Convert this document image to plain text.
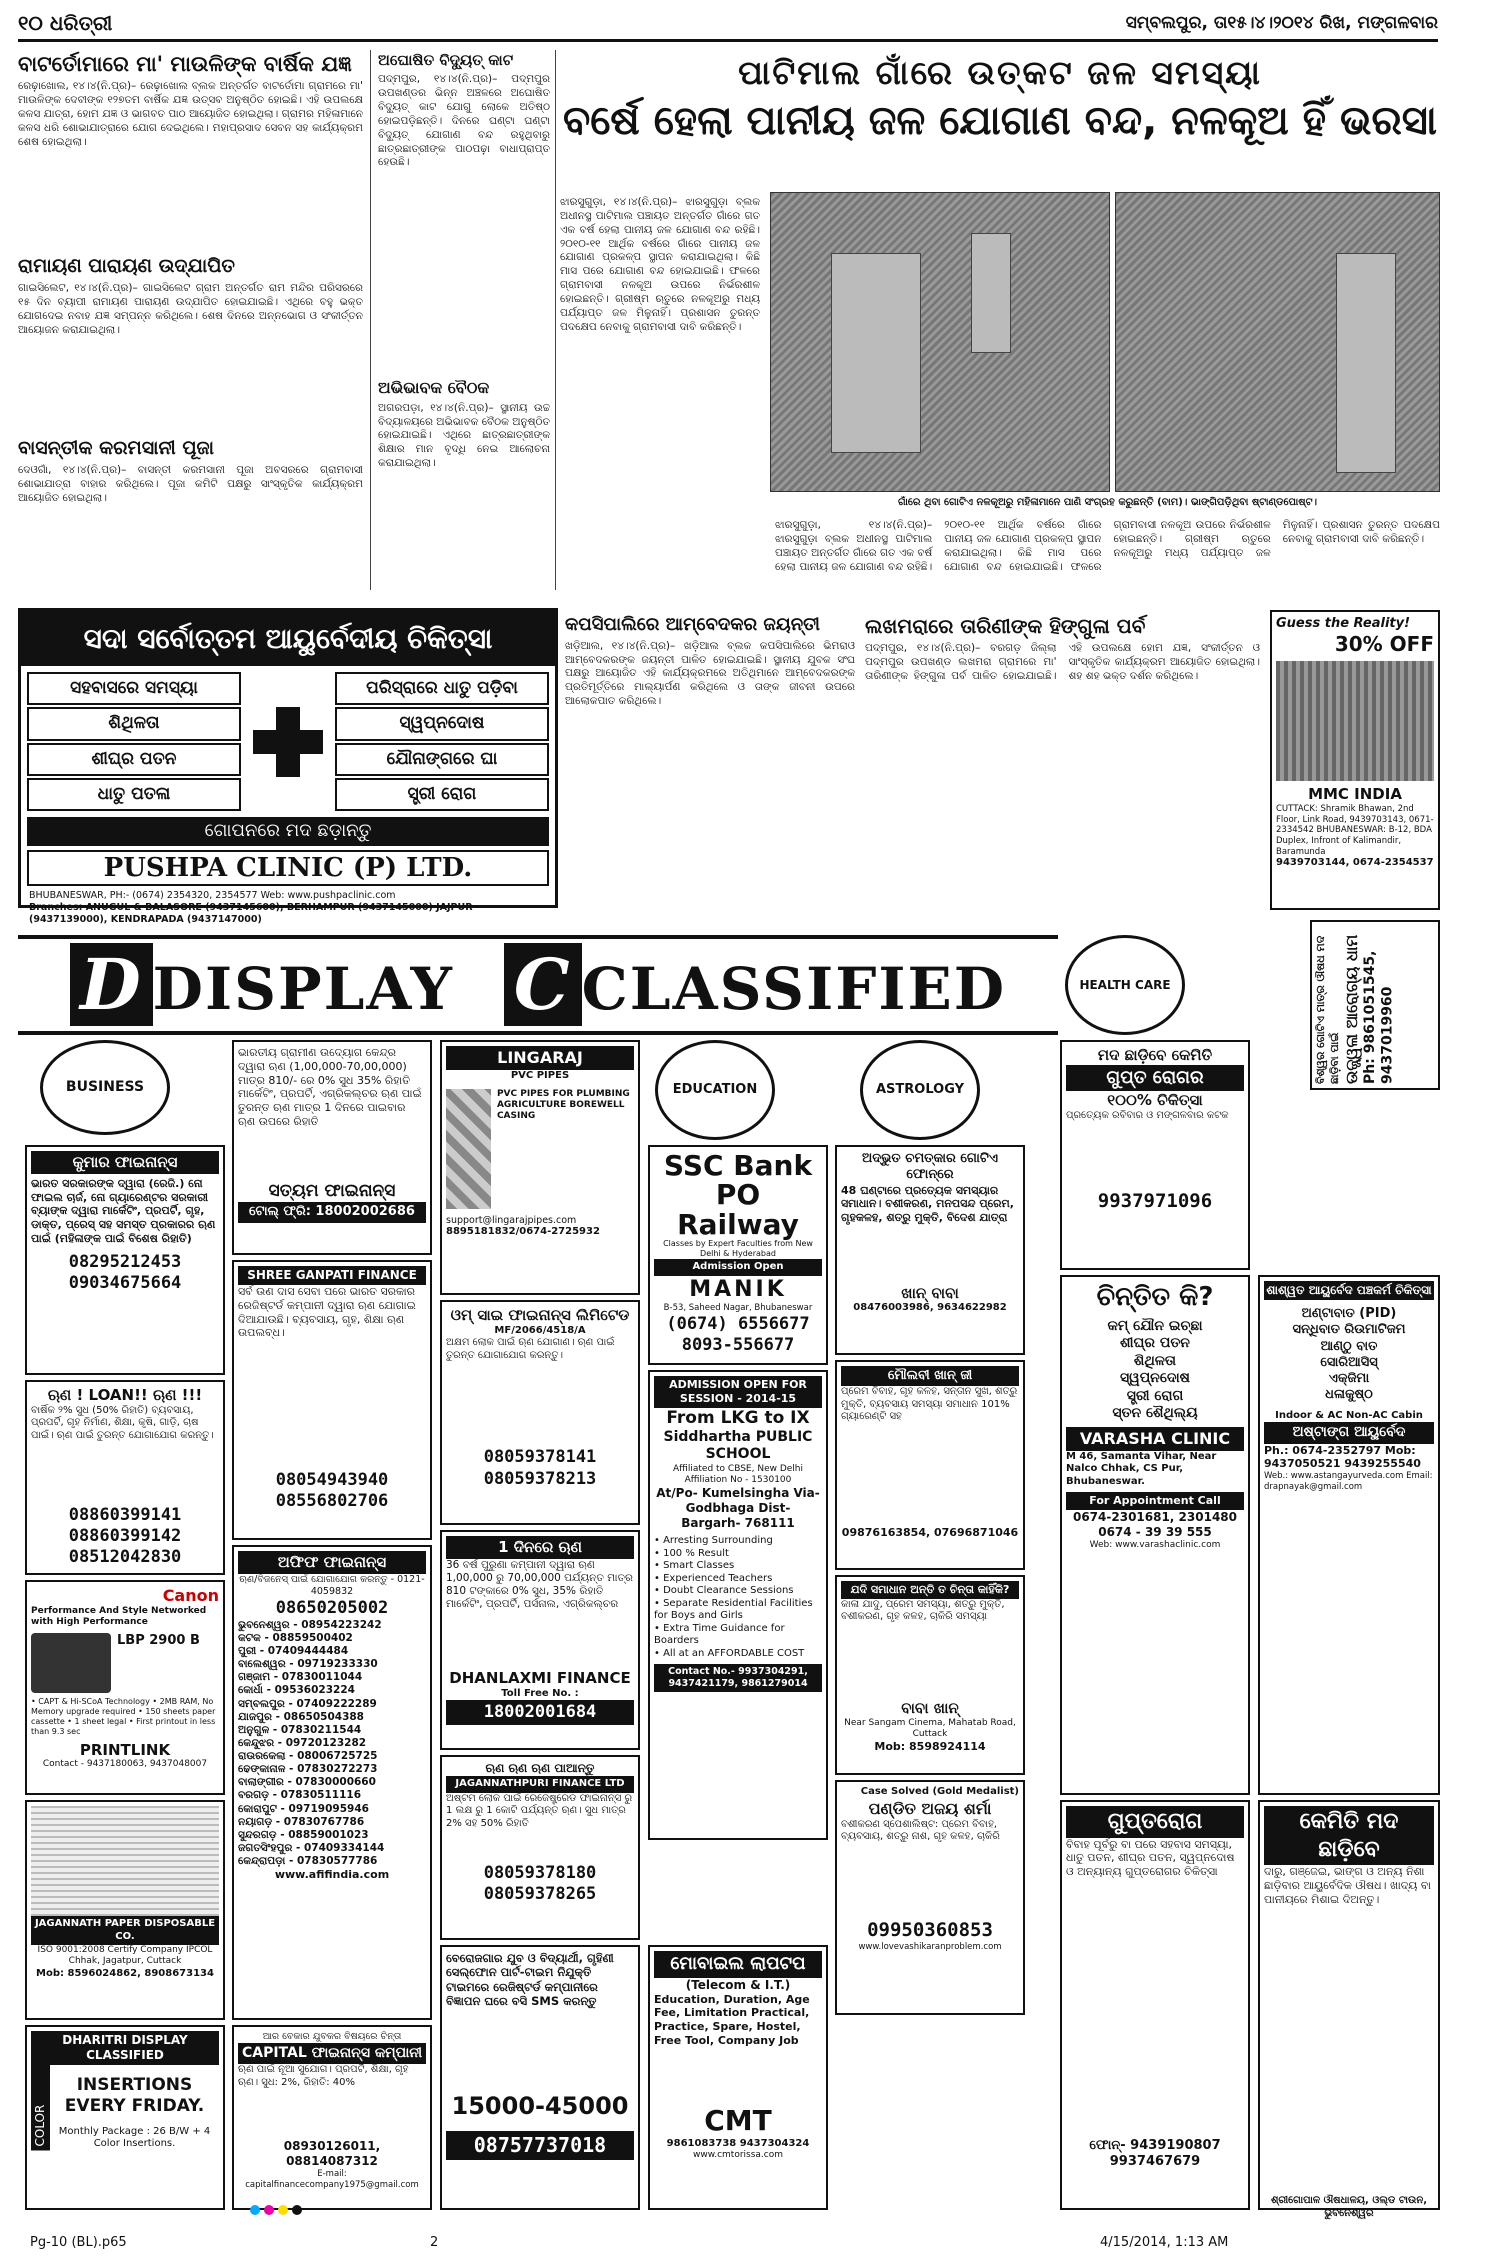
୧୦ ଧରିତ୍ରୀ	ସମ୍ବଲପୁର, ତା୧୫।୪।୨୦୧୪ ରିଖ, ମଙ୍ଗଳବାର
ବାଟର୍ତୋମାରେ ମା' ମାଉଳିଙ୍କ ବାର୍ଷିକ ଯଜ୍ଞ
ରେଢ଼ାଖୋଲ, ୧୪।୪(ନି.ପ୍ର)– ରେଢ଼ାଖୋଲ ବ୍ଲକ ଅନ୍ତର୍ଗତ ବାଟର୍ତୋମା ଗ୍ରାମରେ ମା' ମାଉଳିଙ୍କ ଦେବୀଙ୍କ ୧୨୭ତମ ବାର୍ଷିକ ଯଜ୍ଞ ଉତ୍ସବ ଅନୁଷ୍ଠିତ ହୋଇଛି। ଏହି ଉପଲକ୍ଷେ କଳସ ଯାତ୍ରା, ହୋମ ଯଜ୍ଞ ଓ ଭାଗବତ ପାଠ ଆୟୋଜିତ ହୋଇଥିଲା। ଗ୍ରାମର ମହିଳାମାନେ କଳସ ଧରି ଶୋଭାଯାତ୍ରାରେ ଯୋଗ ଦେଇଥିଲେ। ମହାପ୍ରସାଦ ସେବନ ସହ କାର୍ଯ୍ୟକ୍ରମ ଶେଷ ହୋଇଥିଲା।
ରାମାୟଣ ପାରାୟଣ ଉଦ୍‌ଯାପିତ
ଗାଇସିଲେଟ, ୧୪।୪(ନି.ପ୍ର)– ଗାଇସିଲେଟ ଗ୍ରାମ ଅନ୍ତର୍ଗତ ରାମ ମନ୍ଦିର ପରିସରରେ ୧୫ ଦିନ ବ୍ୟାପୀ ରାମାୟଣ ପାରାୟଣ ଉଦ୍‌ଯାପିତ ହୋଇଯାଇଛି। ଏଥିରେ ବହୁ ଭକ୍ତ ଯୋଗଦେଇ ନବାହ ଯଜ୍ଞ ସମ୍ପନ୍ନ କରିଥିଲେ। ଶେଷ ଦିନରେ ଅନ୍ନଭୋଗ ଓ ସଂକୀର୍ତ୍ତନ ଆୟୋଜନ କରାଯାଇଥିଲା।
ବାସନ୍ତୀକ କରମସାନୀ ପୂଜା
ଦେଓଗାଁ, ୧୪।୪(ନି.ପ୍ର)– ବାସନ୍ତୀ କରମସାନୀ ପୂଜା ଅବସରରେ ଗ୍ରାମବାସୀ ଶୋଭାଯାତ୍ରା ବାହାର କରିଥିଲେ। ପୂଜା କମିଟି ପକ୍ଷରୁ ସାଂସ୍କୃତିକ କାର୍ଯ୍ୟକ୍ରମ ଆୟୋଜିତ ହୋଇଥିଲା।
ଅଘୋଷିତ ବିଦ୍ୟୁତ୍ କାଟ
ପଦ୍ମପୁର, ୧୪।୪(ନି.ପ୍ର)– ପଦ୍ମପୁର ଉପଖଣ୍ଡର ଭିନ୍ନ ଅଞ୍ଚଳରେ ଅଘୋଷିତ ବିଦ୍ୟୁତ୍ କାଟ ଯୋଗୁ ଲୋକେ ଅତିଷ୍ଠ ହୋଇପଡ଼ିଛନ୍ତି। ଦିନରେ ଘଣ୍ଟା ଘଣ୍ଟା ବିଦ୍ୟୁତ୍ ଯୋଗାଣ ବନ୍ଦ ରହୁଥିବାରୁ ଛାତ୍ରଛାତ୍ରୀଙ୍କ ପାଠପଢ଼ା ବାଧାପ୍ରାପ୍ତ ହେଉଛି।
ଅଭିଭାବକ ବୈଠକ
ଅଗରପଡ଼ା, ୧୪।୪(ନି.ପ୍ର)– ସ୍ଥାନୀୟ ଉଚ୍ଚ ବିଦ୍ୟାଳୟରେ ଅଭିଭାବକ ବୈଠକ ଅନୁଷ୍ଠିତ ହୋଇଯାଇଛି। ଏଥିରେ ଛାତ୍ରଛାତ୍ରୀଙ୍କ ଶିକ୍ଷାର ମାନ ବୃଦ୍ଧି ନେଇ ଆଲୋଚନା କରାଯାଇଥିଲା।
ପାଟିମାଲ ଗାଁରେ ଉତ୍କଟ ଜଳ ସମସ୍ୟା
ବର୍ଷେ ହେଲା ପାନୀୟ ଜଳ ଯୋଗାଣ ବନ୍ଦ, ନଳକୂଅ ହିଁ ଭରସା
ଝାରସୁଗୁଡ଼ା, ୧୪।୪(ନି.ପ୍ର)– ଝାରସୁଗୁଡ଼ା ବ୍ଲକ ଅଧୀନସ୍ଥ ପାଟିମାଲ ପଞ୍ଚାୟତ ଅନ୍ତର୍ଗତ ଗାଁରେ ଗତ ଏକ ବର୍ଷ ହେଲା ପାନୀୟ ଜଳ ଯୋଗାଣ ବନ୍ଦ ରହିଛି। ୨୦୧୦-୧୧ ଆର୍ଥିକ ବର୍ଷରେ ଗାଁରେ ପାନୀୟ ଜଳ ଯୋଗାଣ ପ୍ରକଳ୍ପ ସ୍ଥାପନ କରାଯାଇଥିଲା। କିଛି ମାସ ପରେ ଯୋଗାଣ ବନ୍ଦ ହୋଇଯାଇଛି। ଫଳରେ ଗ୍ରାମବାସୀ ନଳକୂଅ ଉପରେ ନିର୍ଭରଶୀଳ ହୋଇଛନ୍ତି। ଗ୍ରୀଷ୍ମ ଋତୁରେ ନଳକୂଅରୁ ମଧ୍ୟ ପର୍ଯ୍ୟାପ୍ତ ଜଳ ମିଳୁନାହିଁ। ପ୍ରଶାସନ ତୁରନ୍ତ ପଦକ୍ଷେପ ନେବାକୁ ଗ୍ରାମବାସୀ ଦାବି କରିଛନ୍ତି।
ଗାଁରେ ଥିବା ଗୋଟିଏ ନଳକୂଅରୁ ମହିଳାମାନେ ପାଣି ସଂଗ୍ରହ କରୁଛନ୍ତି (ବାମ)। ଭାଙ୍ଗିପଡ଼ିଥିବା ଷ୍ଟାଣ୍ଡପୋଷ୍ଟ।
ଝାରସୁଗୁଡ଼ା, ୧୪।୪(ନି.ପ୍ର)– ଝାରସୁଗୁଡ଼ା ବ୍ଲକ ଅଧୀନସ୍ଥ ପାଟିମାଲ ପଞ୍ଚାୟତ ଅନ୍ତର୍ଗତ ଗାଁରେ ଗତ ଏକ ବର୍ଷ ହେଲା ପାନୀୟ ଜଳ ଯୋଗାଣ ବନ୍ଦ ରହିଛି। ୨୦୧୦-୧୧ ଆର୍ଥିକ ବର୍ଷରେ ଗାଁରେ ପାନୀୟ ଜଳ ଯୋଗାଣ ପ୍ରକଳ୍ପ ସ୍ଥାପନ କରାଯାଇଥିଲା। କିଛି ମାସ ପରେ ଯୋଗାଣ ବନ୍ଦ ହୋଇଯାଇଛି। ଫଳରେ ଗ୍ରାମବାସୀ ନଳକୂଅ ଉପରେ ନିର୍ଭରଶୀଳ ହୋଇଛନ୍ତି। ଗ୍ରୀଷ୍ମ ଋତୁରେ ନଳକୂଅରୁ ମଧ୍ୟ ପର୍ଯ୍ୟାପ୍ତ ଜଳ ମିଳୁନାହିଁ। ପ୍ରଶାସନ ତୁରନ୍ତ ପଦକ୍ଷେପ ନେବାକୁ ଗ୍ରାମବାସୀ ଦାବି କରିଛନ୍ତି।
ସଦା ସର୍ବୋତ୍ତମ ଆୟୁର୍ବେଦୀୟ ଚିକିତ୍ସା
ସହବାସରେ ସମସ୍ୟା	ପରିସ୍ରାରେ ଧାତୁ ପଡ଼ିବା
ଶିଥିଳତା	ସ୍ୱପ୍ନଦୋଷ
ଶୀଘ୍ର ପତନ	ଯୌନାଙ୍ଗରେ ଘା
ଧାତୁ ପତଳା	ସ୍ତ୍ରୀ ରୋଗ
ଗୋପନରେ ମଦ ଛଡ଼ାନ୍ତୁ
PUSHPA CLINIC (P) LTD.
BHUBANESWAR, PH:- (0674) 2354320, 2354577 Web: www.pushpaclinic.com
Branches: ANUGUL & BALASORE (9437145600), BERHAMPUR (9437145000) JAJPUR (9437139000), KENDRAPADA (9437147000)
କପସିପାଲିରେ ଆମ୍ବେଦକର ଜୟନ୍ତୀ
ଖଡ଼ିଆଲ, ୧୪।୪(ନି.ପ୍ର)– ଖଡ଼ିଆଲ ବ୍ଲକ କପସିପାଲିରେ ଭିମରାଓ ଆମ୍ବେଦକରଙ୍କ ଜୟନ୍ତୀ ପାଳିତ ହୋଇଯାଇଛି। ସ୍ଥାନୀୟ ଯୁବକ ସଂଘ ପକ୍ଷରୁ ଆୟୋଜିତ ଏହି କାର୍ଯ୍ୟକ୍ରମରେ ଅତିଥିମାନେ ଆମ୍ବେଦକରଙ୍କ ପ୍ରତିମୂର୍ତ୍ତିରେ ମାଲ୍ୟାର୍ପଣ କରିଥିଲେ ଓ ତାଙ୍କ ଜୀବନୀ ଉପରେ ଆଲୋକପାତ କରିଥିଲେ।
ଲଖମରାରେ ତାରିଣୀଙ୍କ ହିଙ୍ଗୁଳା ପର୍ବ
ପଦ୍ମପୁର, ୧୪।୪(ନି.ପ୍ର)– ବରଗଡ଼ ଜିଲ୍ଲା ପଦ୍ମପୁର ଉପଖଣ୍ଡ ଲଖମରା ଗ୍ରାମରେ ମା' ତାରିଣୀଙ୍କ ହିଙ୍ଗୁଳା ପର୍ବ ପାଳିତ ହୋଇଯାଇଛି। ଏହି ଉପଲକ୍ଷେ ହୋମ ଯଜ୍ଞ, ସଂକୀର୍ତ୍ତନ ଓ ସାଂସ୍କୃତିକ କାର୍ଯ୍ୟକ୍ରମ ଆୟୋଜିତ ହୋଇଥିଲା। ଶହ ଶହ ଭକ୍ତ ଦର୍ଶନ କରିଥିଲେ।
Guess the Reality!
30% OFF
MMC INDIA
CUTTACK: Shramik Bhawan, 2nd Floor, Link Road, 9439703143, 0671-2334542 BHUBANESWAR: B-12, BDA Duplex, Infront of Kalimandir, Baramunda
9439703144, 0674-2354537
ବିଶ୍ୱର ଗୋଟିଏ ମାତ୍ର ଔଷଧ ମଦ ଛାଡ଼ିବା ପାଇଁ ଉଜ୍ଜ୍ୱଳା ଆରୋଗ୍ୟ ଧାମ Ph: 9861051545, 9437019960
D DISPLAY C CLASSIFIED
BUSINESS	EDUCATION	ASTROLOGY
HEALTH CARE
କୁମାର ଫାଇନାନ୍ସ
ଭାରତ ସରକାରଙ୍କ ଦ୍ୱାରା (ରେଜି.) ନୋ ଫାଇଲ ଚାର୍ଜ, ନୋ ଗ୍ୟାରେଣ୍ଟର ସରକାରୀ ବ୍ୟାଙ୍କ ଦ୍ୱାରା ମାର୍କେଟିଂ, ପ୍ରପର୍ଟି, ଗୃହ, ଡାକ୍ତ, ପ୍ରେସ୍ ସହ ସମସ୍ତ ପ୍ରକାରର ଋଣ ପାଇଁ (ମହିଳାଙ୍କ ପାଇଁ ବିଶେଷ ରିହାତି)
08295212453
09034675664
ଋଣ ! LOAN!! ଋଣ !!!
ବାର୍ଷିକ ୨% ସୁଧ (50% ରିହାତି) ବ୍ୟବସାୟ, ପ୍ରପର୍ଟି, ଗୃହ ନିର୍ମାଣ, ଶିକ୍ଷା, କୃଷି, ଗାଡ଼ି, ଚାଷ ପାଇଁ। ଋଣ ପାଇଁ ତୁରନ୍ତ ଯୋଗାଯୋଗ କରନ୍ତୁ।
08860399141
08860399142
08512042830
Canon
Performance And Style Networked with High Performance
LBP 2900 B
• CAPT & Hi-SCoA Technology • 2MB RAM, No Memory upgrade required • 150 sheets paper cassette • 1 sheet legal • First printout in less than 9.3 sec
PRINTLINK
Contact - 9437180063, 9437048007
JAGANNATH PAPER DISPOSABLE CO.
ISO 9001:2008 Certify Company IPCOL Chhak, Jagatpur, Cuttack
Mob: 8596024862, 8908673134
DHARITRI DISPLAY CLASSIFIED
COLOR
INSERTIONS EVERY FRIDAY.
Monthly Package : 26 B/W + 4 Color Insertions.
ଭାରତୀୟ ଗ୍ରାମୀଣ ଉଦ୍ୟୋଗ କେନ୍ଦ୍ର ଦ୍ୱାରା ଋଣ (1,00,000-70,00,000) ମାତ୍ର 810/- ରେ 0% ସୁଧ 35% ରିହାତି ମାର୍କେଟିଂ, ପ୍ରପର୍ଟି, ଏଗ୍ରିକଲ୍‌ଚର ଋଣ ପାଇଁ ତୁରନ୍ତ ଋଣ ମାତ୍ର 1 ଦିନରେ ପାଇବାର ଋଣ ଉପରେ ରିହାତି
ସତ୍ୟମ ଫାଇନାନ୍ସ
ଟୋଲ୍ ଫ୍ରି: 18002002686
SHREE GANPATI FINANCE
ସର୍ବ ଉଣ ଦାସ ସେବା ପରେ ଭାରତ ସରକାର ରେଜିଷ୍ଟର୍ଡ କମ୍ପାନୀ ଦ୍ୱାରା ଋଣ ଯୋଗାଇ ଦିଆଯାଉଛି। ବ୍ୟବସାୟ, ଗୃହ, ଶିକ୍ଷା ଋଣ ଉପଲବ୍ଧ।
08054943940
08556802706
ଅଫିଫ ଫାଇନାନ୍ସ
ଋଣ/ବିଜନେସ୍ ପାଇଁ ଯୋଗାଯୋଗ କରନ୍ତୁ - 0121-4059832
08650205002
ଭୁବନେଶ୍ୱର - 08954223242
କଟକ - 08859500402
ପୁରୀ - 07409444484
ବାଲେଶ୍ୱର - 09719233330
ଗଞ୍ଜାମ - 07830011044
କୋର୍ଧା - 09536023224
ସମ୍ବଲପୁର - 07409222289
ଯାଜପୁର - 08650504388
ଅନୁଗୁଳ - 07830211544
କେନ୍ଦୁଝର - 09720123282
ରାଉରକେଲା - 08006725725
ଢେଙ୍କାନାଳ - 07830272273
ବାଲାଙ୍ଗୀର - 07830000660
ବରଗଡ଼ - 07830511116
କୋରାପୁଟ - 09719095946
ନୟାଗଡ଼ - 07830767786
ସୁନ୍ଦରଗଡ଼ - 08859001023
ଜଗତସିଂହପୁର - 07409334144
କେନ୍ଦ୍ରାପଡ଼ା - 07830577786
www.afifindia.com
LINGARAJ
PVC PIPES
PVC PIPES FOR PLUMBING AGRICULTURE BOREWELL CASING
support@lingarajpipes.com
8895181832/0674-2725932
ଓମ୍ ସାଇ ଫାଇନାନ୍ସ ଲିମିଟେଡ
MF/2066/4518/A
ଅକ୍ଷମ ଲୋକ ପାଇଁ ଋଣ ଯୋଗାଣ। ଋଣ ପାଇଁ ତୁରନ୍ତ ଯୋଗାଯୋଗ କରନ୍ତୁ।
08059378141
08059378213
1 ଦିନରେ ଋଣ
36 ବର୍ଷ ପୁରୁଣା କମ୍ପାନୀ ଦ୍ୱାରା ଋଣ 1,00,000 ରୁ 70,00,000 ପର୍ଯ୍ୟନ୍ତ ମାତ୍ର 810 ଟଙ୍କାରେ 0% ସୁଧ, 35% ରିହାତି ମାର୍କେଟିଂ, ପ୍ରପର୍ଟି, ପର୍ସନାଲ, ଏଗ୍ରିକଲ୍‌ଚର
DHANLAXMI FINANCE
Toll Free No. :
18002001684
ଋଣ ଋଣ ଋଣ ପାଆନ୍ତୁ
JAGANNATHPURI FINANCE LTD
ଅଷ୍ଟମ ଲୋକ ପାଇଁ ରେଜେଷ୍ଟ୍ରେଡ ଫାଇନାନ୍ସ ରୁ 1 ଲକ୍ଷ ରୁ 1 କୋଟି ପର୍ଯ୍ୟନ୍ତ ଋଣ। ସୁଧ ମାତ୍ର 2% ସହ 50% ରିହାତି
08059378180
08059378265
ଆର ବେକାର ଯୁବକର ବିଷୟରେ ଚିନ୍ତା
CAPITAL ଫାଇନାନ୍ସ କମ୍ପାନୀ
ଋଣ ପାଇଁ ନୂଆ ସୁଯୋଗ। ପ୍ରପର୍ଟି, ଶିକ୍ଷା, ଗୃହ ଋଣ। ସୁଧ: 2%, ରିହାତି: 40%
08930126011, 08814087312
E-mail: capitalfinancecompany1975@gmail.com
ବେରୋଜଗାର ଯୁବ ଓ ବିଦ୍ୟାର୍ଥୀ, ଗୃହିଣୀ ସେଲ୍‌ଫୋନ ପାର୍ଟ-ଟାଇମ ନିଯୁକ୍ତି ଟାଇମରେ ରେଜିଷ୍ଟର୍ଡ କମ୍ପାନୀରେ ବିଜ୍ଞାପନ ଘରେ ବସି SMS କରନ୍ତୁ
15000-45000
08757737018
SSC Bank PO Railway
Classes by Expert Faculties from New Delhi & Hyderabad
Admission Open
MANIK
B-53, Saheed Nagar, Bhubaneswar
(0674) 6556677
8093-556677
ADMISSION OPEN FOR SESSION - 2014-15
From LKG to IX
Siddhartha PUBLIC SCHOOL
Affiliated to CBSE, New Delhi Affiliation No - 1530100
At/Po- Kumelsingha Via- Godbhaga Dist- Bargarh- 768111
• Arresting Surrounding
• 100 % Result
• Smart Classes
• Experienced Teachers
• Doubt Clearance Sessions
• Separate Residential Facilities for Boys and Girls
• Extra Time Guidance for Boarders
• All at an AFFORDABLE COST
Contact No.- 9937304291, 9437421179, 9861279014
ମୋବାଇଲ ଲାପଟପ
(Telecom & I.T.)
Education, Duration, Age Fee, Limitation Practical, Practice, Spare, Hostel, Free Tool, Company Job
CMT
9861083738 9437304324
www.cmtorissa.com
ଅଦ୍ଭୁତ ଚମତ୍କାର ଗୋଟିଏ ଫୋନ୍‌ରେ
48 ଘଣ୍ଟାରେ ପ୍ରତ୍ୟେକ ସମସ୍ୟାର ସମାଧାନ। ବଶୀକରଣ, ମନପସନ୍ଦ ପ୍ରେମ, ଗୃହକଳହ, ଶତ୍ରୁ ମୁକ୍ତି, ବିଦେଶ ଯାତ୍ରା
ଖାନ୍ ବାବା
08476003986, 9634622982
ମୌଲବୀ ଖାନ୍ ଜୀ
ପ୍ରେମ ବିବାହ, ଗୃହ କଳହ, ସନ୍ତାନ ସୁଖ, ଶତ୍ରୁ ମୁକ୍ତି, ବ୍ୟବସାୟ ସମସ୍ୟା ସମାଧାନ 101% ଗ୍ୟାରେଣ୍ଟି ସହ
09876163854, 07696871046
ଯଦି ସମାଧାନ ଅନ୍ତି ତ ଚିନ୍ତା କାହିଁକି?
କାଳା ଯାଦୁ, ପ୍ରେମ ସମସ୍ୟା, ଶତ୍ରୁ ମୁକ୍ତି, ବଶୀକରଣ, ଗୃହ କଳହ, ଚାକିରି ସମସ୍ୟା
ବାବା ଖାନ୍
Near Sangam Cinema, Mahatab Road, Cuttack
Mob: 8598924114
Case Solved (Gold Medalist)
ପଣ୍ଡିତ ଅଜୟ ଶର୍ମା
ବଶୀକରଣ ସ୍ପେଶାଲିଷ୍ଟ: ପ୍ରେମ ବିବାହ, ବ୍ୟବସାୟ, ଶତ୍ରୁ ନାଶ, ଗୃହ କଳହ, ଚାକିରି
09950360853
www.lovevashikaranproblem.com
ମଦ ଛାଡ଼ିବେ କେମିତି
ଗୁପ୍ତ ରୋଗର
୧୦୦% ଚିକିତ୍ସା
ପ୍ରତ୍ୟେକ ରବିବାର ଓ ମଙ୍ଗଳବାର କଟକ
9937971096
ଚିନ୍ତିତ କି?
କମ୍ ଯୌନ ଇଚ୍ଛା
ଶୀଘ୍ର ପତନ
ଶିଥିଳତା
ସ୍ୱପ୍ନଦୋଷ
ସ୍ତ୍ରୀ ରୋଗ
ସ୍ତନ ଶୈଥିଲ୍ୟ
VARASHA CLINIC
M 46, Samanta Vihar, Near Nalco Chhak, CS Pur, Bhubaneswar.
For Appointment Call
0674-2301681, 2301480
0674 - 39 39 555
Web: www.varashaclinic.com
ଗୁପ୍ତରୋଗ
ବିବାହ ପୂର୍ବରୁ ବା ପରେ ସହବାସ ସମସ୍ୟା, ଧାତୁ ପତନ, ଶୀଘ୍ର ପତନ, ସ୍ୱପ୍ନଦୋଷ ଓ ଅନ୍ୟାନ୍ୟ ଗୁପ୍ତରୋଗର ଚିକିତ୍ସା
ଫୋନ୍- 9439190807 9937467679
ଶାଶ୍ୱତ ଆୟୁର୍ବେଦ ପଞ୍ଚକର୍ମ ଚିକିତ୍ସା
ଅଣ୍ଟାବାତ (PID)
ସନ୍ଧିବାତ ରିଉମାଟିଜମ
ଆଣ୍ଠୁ ବାତ
ସୋରିଆସିସ୍
ଏକ୍‌ଜିମା
ଧଳାକୁଷ୍ଠ
Indoor & AC Non-AC Cabin
ଅଷ୍ଟାଙ୍ଗ ଆୟୁର୍ବେଦ
Ph.: 0674-2352797 Mob: 9437050521 9439255540
Web.: www.astangayurveda.com Email: drapnayak@gmail.com
କେମିତି ମଦ ଛାଡ଼ିବେ
ଦାରୁ, ଗଞ୍ଜେଇ, ଭାଙ୍ଗ ଓ ଅନ୍ୟ ନିଶା ଛାଡ଼ିବାର ଆୟୁର୍ବେଦିକ ଔଷଧ। ଖାଦ୍ୟ ବା ପାନୀୟରେ ମିଶାଇ ଦିଅନ୍ତୁ।
ଶ୍ରୀଗୋପାଳ ଔଷଧାଳୟ, ଓଲ୍ଡ ଟାଉନ, ଭୁବନେଶ୍ୱର
Pg-10 (BL).p65	2	4/15/2014, 1:13 AM
